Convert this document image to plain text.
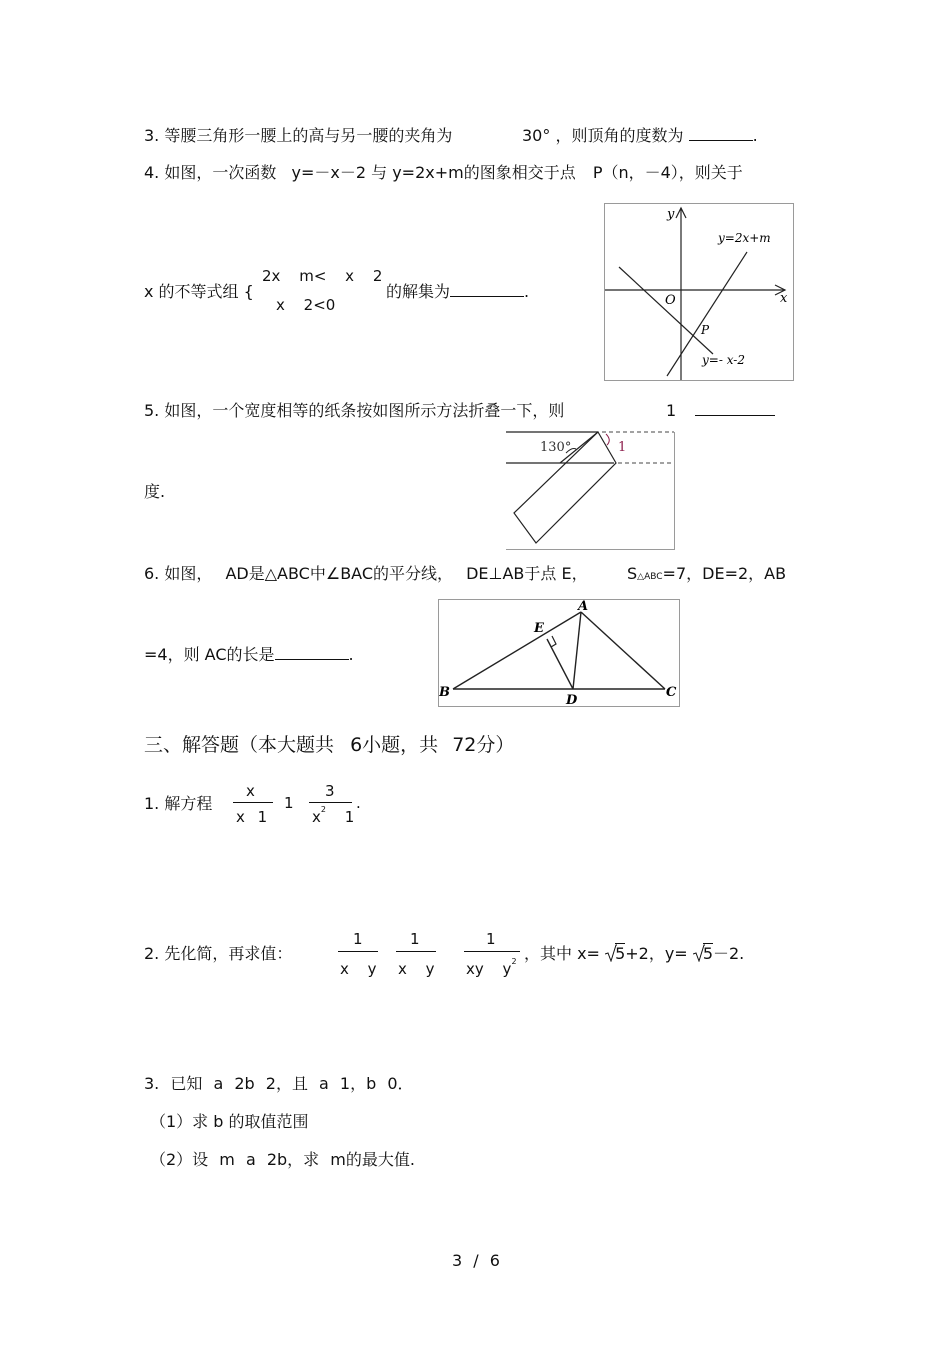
3. 等腰三角形一腰上的高与另一腰的夹角为	30° ，则顶角的度数为	.
4. 如图，一次函数 y=－x－2 与 y=2x+m的图象相交于点 P（n，－4），则关于
x 的不等式组 {
2x m< x 2
x 2<0
的解集为	.
y
x
O
y=2x+m
y=- x-2
P
5. 如图，一个宽度相等的纸条按如图所示方法折叠一下，则	1
度.
130°	1
6. 如图， AD是△ABC中∠BAC的平分线， DE⊥AB于点 E， S△ABC=7，DE=2，AB
=4，则 AC的长是	.
A
B	C
D
E
三、解答题（本大题共 6小题，共 72分）
1. 解方程
x
x 1
1
3
$x^2$ 1
.
2. 先化简，再求值：
1
x y
1
x y
1
xy $y^2$ ，其中 x= 5+2，y= 5－2.
3. 已知 a 2b 2，且 a 1，b 0．
（1）求 b 的取值范围
（2）设 m a 2b，求 m的最大值.
3 / 6
